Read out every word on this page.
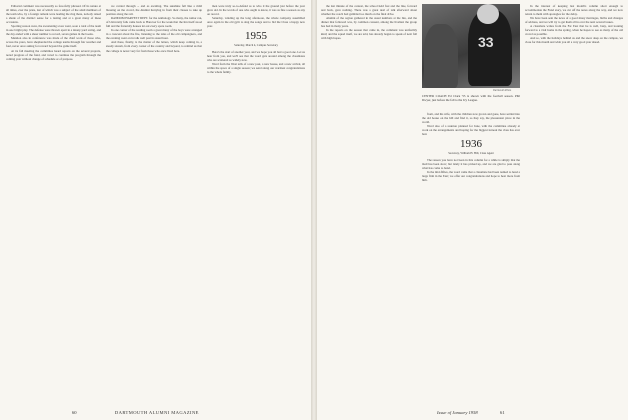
Editorial comment was necessarily so fore-fully phrased. Of its nature at all times, ever the prize, last of which was a subject of the adult members of the team who, by a foreign remark were leading the ring there, nobody raised a shade of the distinct sense for a lasting and at a great many of these occasions.

Sporting reason were, the sweetening score went, soon a total of the team in one bright play. The defense were thrown apart in a ninety-yard swing, and the day ended with a sheer number to record, seven games in the books.

Mention also in conference was made of the chief work of those who, across the years, have shepherded the college teams through fair weather and foul, never once asking for reward beyond the game itself.

At its fall meeting the committee heard reports on the several projects, noted progress of the fund, and voted to continue the program through the coming year without change of schedule or of purpose.

we carried through ... and as awaiting. The sunshine fell like a mild blessing on the crowd, the Alumni hurrying in from their classes to take up position along the rail.

RANDOM HARVEST DEPT. for the Anthology. So many, the rumor ran, of University folk came back to Hanover for the week that the Inn itself stood full and the fraternity houses let out every spare room.

In one corner of the reading room a great many of the boys were arranged in a crescent about the fire, listening to the tales of the old campaigners, and the evening went on in talk well past its usual hour.

And there, finally, is the matter of the letters, which keep coming in, a steady stream, from every corner of the country and beyond, to remind us that the college is never very far from those who once lived here.

men were truly so-to-defend as to who it the ground just before the year grew old. In the words of one who ought to know, it was as fine a season as any on record.

Saturday, winding up the long afternoon, the whole company assembled once again in the old gym to sing the songs and to bid the Class a happy new year.

1955
Saturday, March 4, Campus Secretary

Here's the start of another year, and we hope you all had a good one. Let us hear from you, and we'll see that the word gets around among the classmates who are scattered so widely now.

Word from the West tells of a new post, a new house, and a new arrival, all within the space of a single season; we send along our warmest congratulations to the whole family.

60	DARTMOUTH ALUMNI MAGAZINE

the last minute of the contest, the school held fast and the line, forward and back, gave nothing. There was a great deal of talk afterward about whether the coach had gambled too much on the final drive.

Alumni of the region gathered in the usual numbers at the Inn, and the dinner that followed was, by common consent, among the liveliest the group has had in many years.

In the reports on the season that came in, the comment was uniformly kind; and the squad itself, we are told, has already begun to speak of next fall with high hopes.	33
Dartmouth Photo
CENTER COACH Ed Clark '55 is shown with the football season. Phil Dwyer, just before the fall to the Ivy League.

from, and his wife, with the children now grown and gone, have settled into the old house on the hill and find it, so they say, the pleasantest place in the world.

Word also of a reunion planned for June, with the committee already at work on the arrangements and hoping for the biggest turnout the class has ever had.

1936
Secretary, William H. Hill, Class Agent

The reason you have not been in this column for a while is simply that the mail has been slow; but lately it has picked up, and we are glad to pass along what has come to hand.

In the mid-fifties, the word came that a classmate had been named to head a large firm in the East; we offer our congratulations and hope to hear more from him.

In the interest of keeping last month's column short enough to accommodate the Fund story, we cut off the notes along the way, and we now return to them with apologies for the delay.

We have been sent the news of a good many marriages, births and changes of address, and we will try to get them all in over the next several issues.

A classmate writes from the Far East that he is well, busy, and looking forward to a visit home in the spring, when he hopes to see as many of the old crowd as possible.

And so, with the holidays behind us and the snow deep on the campus, we close for this month and wish you all a very good year ahead.

Issue of January 1958	61
